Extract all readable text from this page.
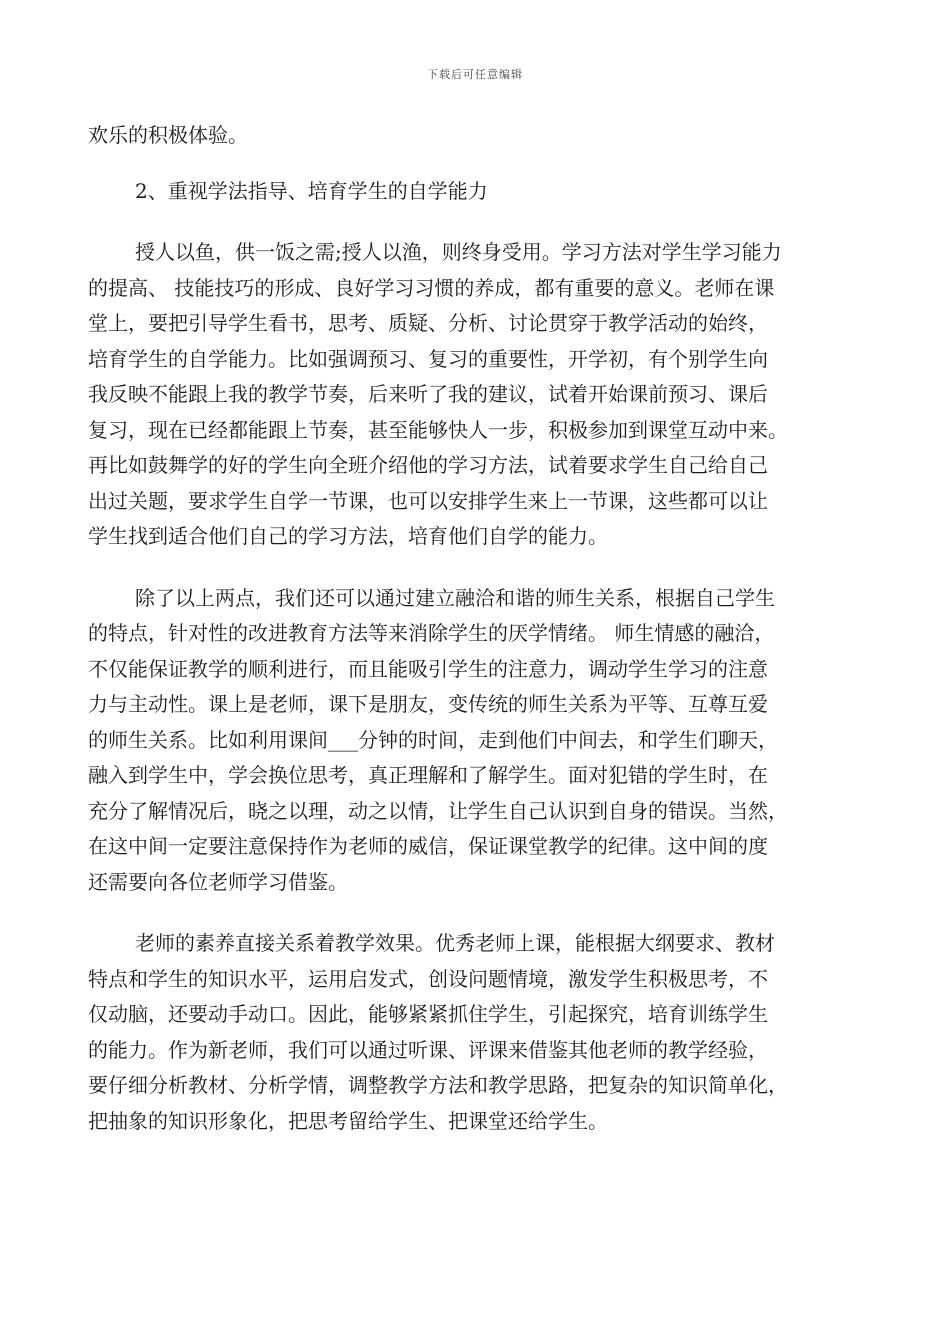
下载后可任意编辑
欢乐的积极体验。
2、重视学法指导、培育学生的自学能力
授人以鱼，供一饭之需;授人以渔，则终身受用。学习方法对学生学习能力
的提高、 技能技巧的形成、良好学习习惯的养成，都有重要的意义。老师在课
堂上，要把引导学生看书，思考、质疑、分析、讨论贯穿于教学活动的始终，
培育学生的自学能力。比如强调预习、复习的重要性，开学初，有个别学生向
我反映不能跟上我的教学节奏，后来听了我的建议，试着开始课前预习、课后
复习，现在已经都能跟上节奏，甚至能够快人一步，积极参加到课堂互动中来。
再比如鼓舞学的好的学生向全班介绍他的学习方法，试着要求学生自己给自己
出过关题，要求学生自学一节课，也可以安排学生来上一节课，这些都可以让
学生找到适合他们自己的学习方法，培育他们自学的能力。
除了以上两点，我们还可以通过建立融洽和谐的师生关系，根据自己学生
的特点，针对性的改进教育方法等来消除学生的厌学情绪。 师生情感的融洽，
不仅能保证教学的顺利进行，而且能吸引学生的注意力，调动学生学习的注意
力与主动性。课上是老师，课下是朋友，变传统的师生关系为平等、互尊互爱
的师生关系。比如利用课间___分钟的时间，走到他们中间去，和学生们聊天，
融入到学生中，学会换位思考，真正理解和了解学生。面对犯错的学生时，在
充分了解情况后，晓之以理，动之以情，让学生自己认识到自身的错误。当然，
在这中间一定要注意保持作为老师的威信，保证课堂教学的纪律。这中间的度
还需要向各位老师学习借鉴。
老师的素养直接关系着教学效果。优秀老师上课，能根据大纲要求、教材
特点和学生的知识水平，运用启发式，创设问题情境，激发学生积极思考，不
仅动脑，还要动手动口。因此，能够紧紧抓住学生，引起探究，培育训练学生
的能力。作为新老师，我们可以通过听课、评课来借鉴其他老师的教学经验，
要仔细分析教材、分析学情，调整教学方法和教学思路，把复杂的知识简单化，
把抽象的知识形象化，把思考留给学生、把课堂还给学生。
